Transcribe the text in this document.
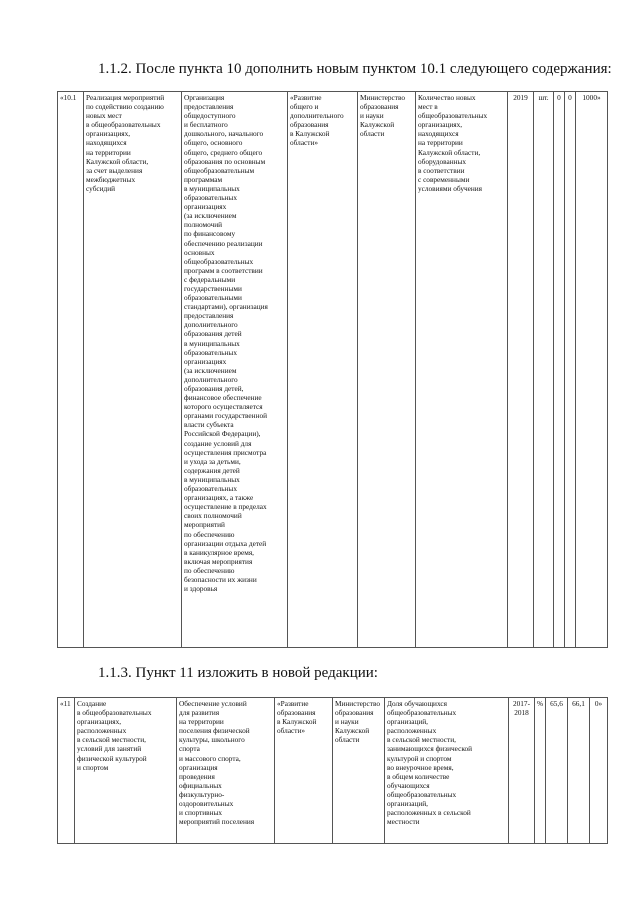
1.1.2. После пункта 10 дополнить новым пунктом 10.1 следующего содержания:
«10.1	Реализация мероприятий
по содействию созданию
новых мест
в общеобразовательных
организациях,
находящихся
на территории
Калужской области,
за счет выделения
межбюджетных
субсидий	Организация
предоставления
общедоступного
и бесплатного
дошкольного, начального
общего, основного
общего, среднего общего
образования по основным
общеобразовательным
программам
в муниципальных
образовательных
организациях
(за исключением
полномочий
по финансовому
обеспечению реализации
основных
общеобразовательных
программ в соответствии
с федеральными
государственными
образовательными
стандартами), организация
предоставления
дополнительного
образования детей
в муниципальных
образовательных
организациях
(за исключением
дополнительного
образования детей,
финансовое обеспечение
которого осуществляется
органами государственной
власти субъекта
Российской Федерации),
создание условий для
осуществления присмотра
и ухода за детьми,
содержания детей
в муниципальных
образовательных
организациях, а также
осуществление в пределах
своих полномочий
мероприятий
по обеспечению
организации отдыха детей
в каникулярное время,
включая мероприятия
по обеспечению
безопасности их жизни
и здоровья	«Развитие
общего и
дополнительного
образования
в Калужской
области»	Министерство
образования
и науки
Калужской
области	Количество новых
мест в
общеобразовательных
организациях,
находящихся
на территории
Калужской области,
оборудованных
в соответствии
с современными
условиями обучения	2019	шт.	0	0	1000»
1.1.3. Пункт 11 изложить в новой редакции:
«11	Создание
в общеобразовательных
организациях,
расположенных
в сельской местности,
условий для занятий
физической культурой
и спортом	Обеспечение условий
для развития
на территории
поселения физической
культуры, школьного
спорта
и массового спорта,
организация
проведения
официальных
физкультурно-
оздоровительных
и спортивных
мероприятий поселения	«Развитие
образования
в Калужской
области»	Министерство
образования
и науки
Калужской
области	Доля обучающихся
общеобразовательных
организаций,
расположенных
в сельской местности,
занимающихся физической
культурой и спортом
во внеурочное время,
в общем количестве
обучающихся
общеобразовательных
организаций,
расположенных в сельской
местности	2017-
2018	%	65,6	66,1	0»
